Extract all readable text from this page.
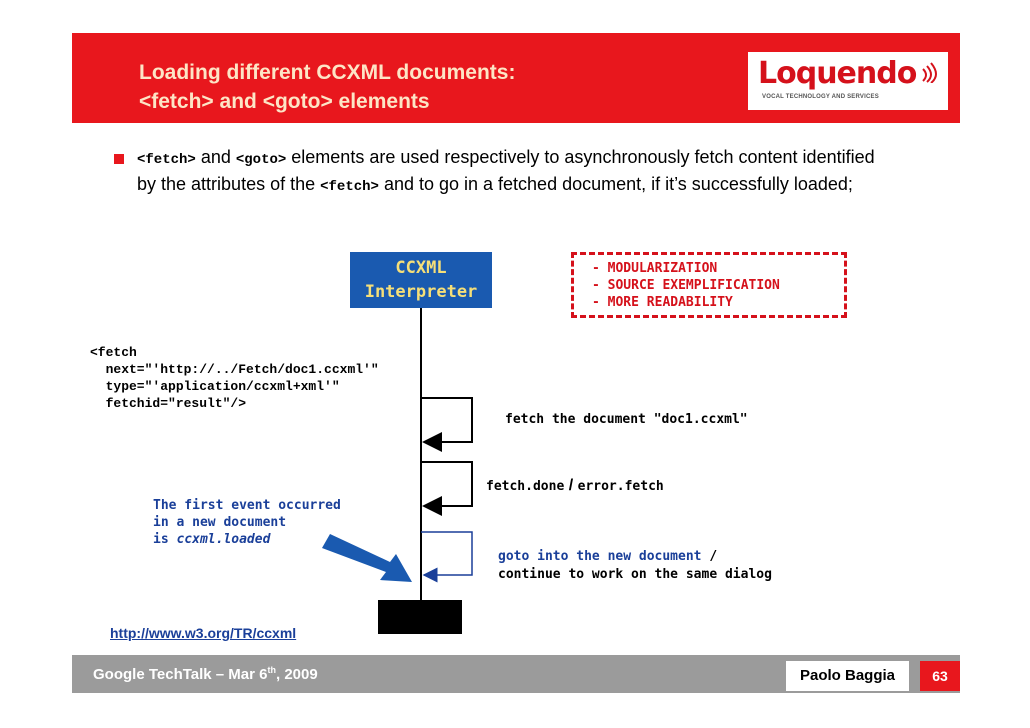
Loading different CCXML documents:
<fetch> and <goto> elements
Loquendo
VOCAL TECHNOLOGY AND SERVICES
<fetch> and <goto> elements are used respectively to asynchronously fetch content identified by the attributes of the <fetch> and to go in a fetched document, if it’s successfully loaded;
CCXML
Interpreter
- MODULARIZATION
- SOURCE EXEMPLIFICATION
- MORE READABILITY
<fetch
next="'http://../Fetch/doc1.ccxml'"
type="'application/ccxml+xml'"
fetchid="result"/>
fetch the document "doc1.ccxml"
fetch.done / error.fetch
goto into the new document /
continue to work on the same dialog
The first event occurred
in a new document
is ccxml.loaded
http://www.w3.org/TR/ccxml
Google TechTalk – Mar 6th, 2009	Paolo Baggia	63
